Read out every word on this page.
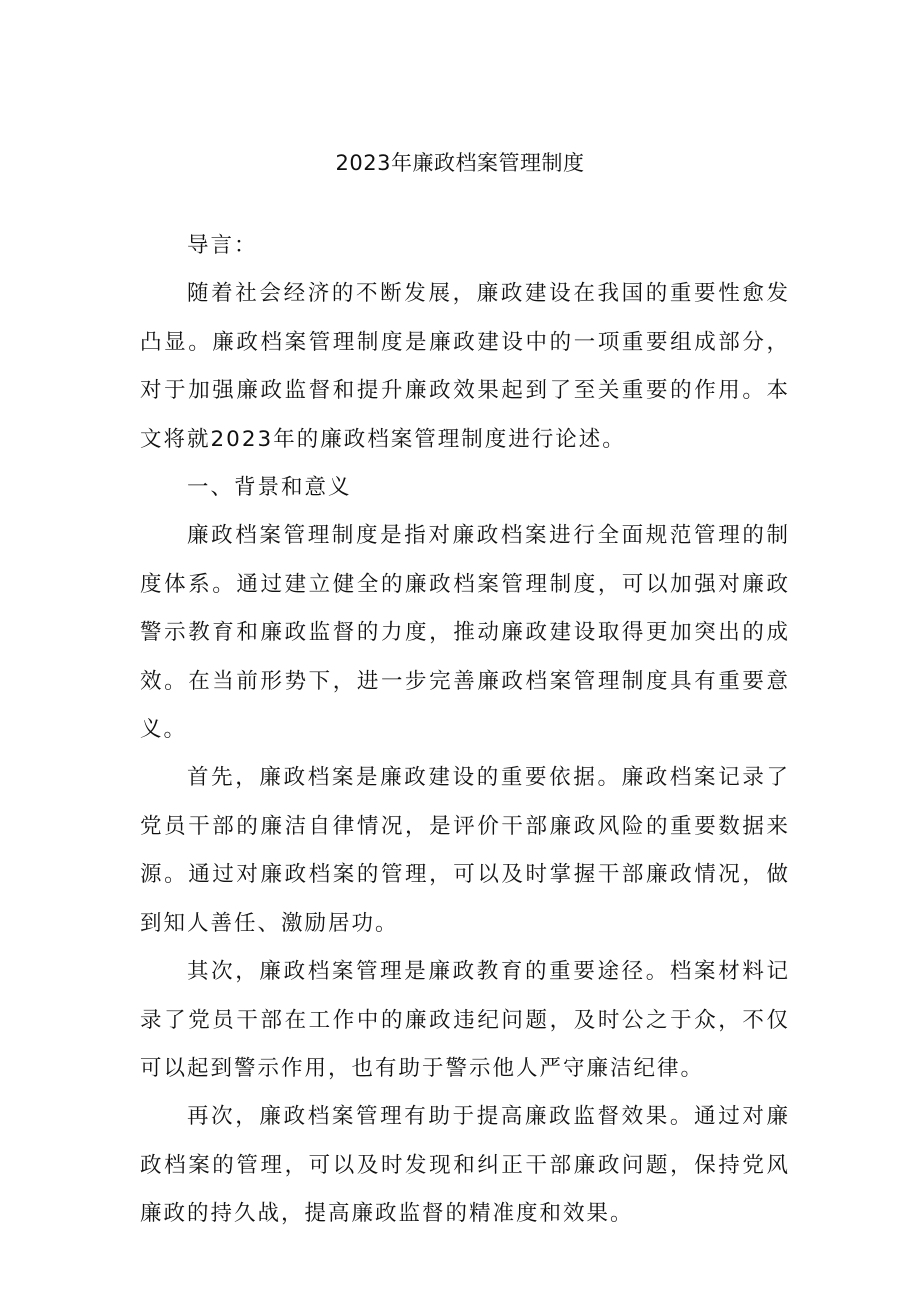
2023年廉政档案管理制度

导言：

随着社会经济的不断发展，廉政建设在我国的重要性愈发凸显。廉政档案管理制度是廉政建设中的一项重要组成部分，对于加强廉政监督和提升廉政效果起到了至关重要的作用。本文将就2023年的廉政档案管理制度进行论述。

一、背景和意义

廉政档案管理制度是指对廉政档案进行全面规范管理的制度体系。通过建立健全的廉政档案管理制度，可以加强对廉政警示教育和廉政监督的力度，推动廉政建设取得更加突出的成效。在当前形势下，进一步完善廉政档案管理制度具有重要意义。

首先，廉政档案是廉政建设的重要依据。廉政档案记录了党员干部的廉洁自律情况，是评价干部廉政风险的重要数据来源。通过对廉政档案的管理，可以及时掌握干部廉政情况，做到知人善任、激励居功。

其次，廉政档案管理是廉政教育的重要途径。档案材料记录了党员干部在工作中的廉政违纪问题，及时公之于众，不仅可以起到警示作用，也有助于警示他人严守廉洁纪律。

再次，廉政档案管理有助于提高廉政监督效果。通过对廉政档案的管理，可以及时发现和纠正干部廉政问题，保持党风廉政的持久战，提高廉政监督的精准度和效果。
